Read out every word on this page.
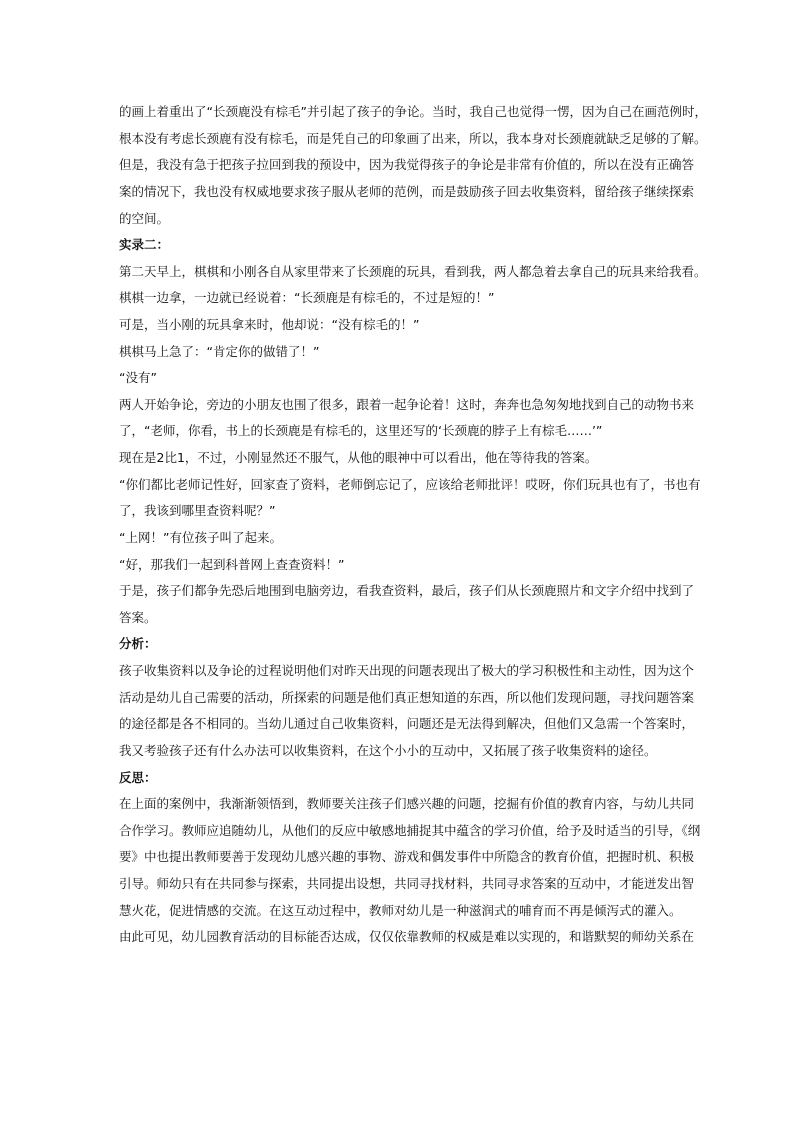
的画上着重出了“长颈鹿没有棕毛”并引起了孩子的争论。当时，我自己也觉得一愣，因为自己在画范例时，
根本没有考虑长颈鹿有没有棕毛，而是凭自己的印象画了出来，所以，我本身对长颈鹿就缺乏足够的了解。
但是，我没有急于把孩子拉回到我的预设中，因为我觉得孩子的争论是非常有价值的，所以在没有正确答
案的情况下，我也没有权威地要求孩子服从老师的范例，而是鼓励孩子回去收集资料，留给孩子继续探索
的空间。
实录二：
第二天早上，棋棋和小刚各自从家里带来了长颈鹿的玩具，看到我，两人都急着去拿自己的玩具来给我看。
棋棋一边拿，一边就已经说着：“长颈鹿是有棕毛的，不过是短的！”
可是，当小刚的玩具拿来时，他却说：“没有棕毛的！”
棋棋马上急了：“肯定你的做错了！”
“没有”
两人开始争论，旁边的小朋友也围了很多，跟着一起争论着！这时，奔奔也急匆匆地找到自己的动物书来
了，“老师，你看，书上的长颈鹿是有棕毛的，这里还写的‘长颈鹿的脖子上有棕毛……’”
现在是2比1，不过，小刚显然还不服气，从他的眼神中可以看出，他在等待我的答案。
“你们都比老师记性好，回家查了资料，老师倒忘记了，应该给老师批评！哎呀，你们玩具也有了，书也有
了，我该到哪里查资料呢？”
“上网！”有位孩子叫了起来。
“好，那我们一起到科普网上查查资料！”
于是，孩子们都争先恐后地围到电脑旁边，看我查资料，最后，孩子们从长颈鹿照片和文字介绍中找到了
答案。
分析：
孩子收集资料以及争论的过程说明他们对昨天出现的问题表现出了极大的学习积极性和主动性，因为这个
活动是幼儿自己需要的活动，所探索的问题是他们真正想知道的东西，所以他们发现问题，寻找问题答案
的途径都是各不相同的。当幼儿通过自己收集资料，问题还是无法得到解决，但他们又急需一个答案时，
我又考验孩子还有什么办法可以收集资料，在这个小小的互动中，又拓展了孩子收集资料的途径。
反思：
在上面的案例中，我渐渐领悟到，教师要关注孩子们感兴趣的问题，挖掘有价值的教育内容，与幼儿共同
合作学习。教师应追随幼儿，从他们的反应中敏感地捕捉其中蕴含的学习价值，给予及时适当的引导，《纲
要》中也提出教师要善于发现幼儿感兴趣的事物、游戏和偶发事件中所隐含的教育价值，把握时机、积极
引导。师幼只有在共同参与探索，共同提出设想，共同寻找材料，共同寻求答案的互动中，才能迸发出智
慧火花，促进情感的交流。在这互动过程中，教师对幼儿是一种滋润式的哺育而不再是倾泻式的灌入。
由此可见，幼儿园教育活动的目标能否达成，仅仅依靠教师的权威是难以实现的，和谐默契的师幼关系在
